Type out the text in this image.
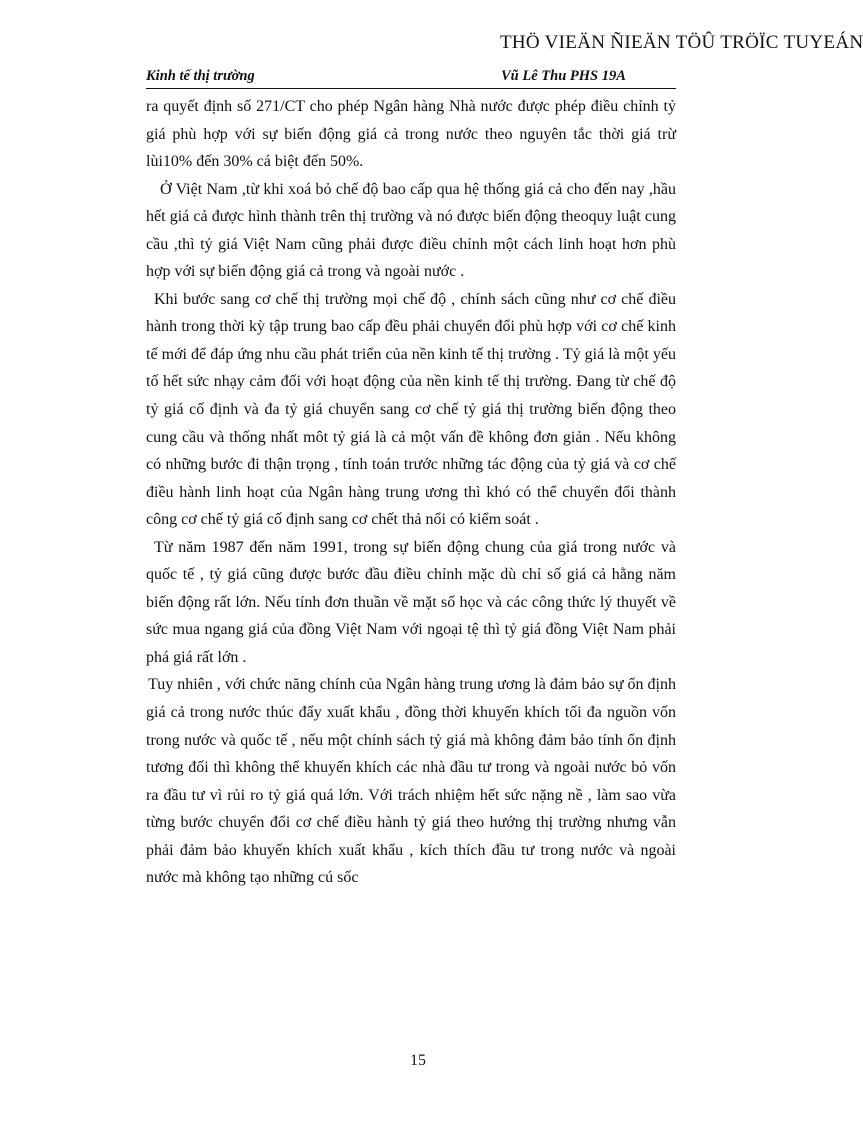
THÖ VIEÄN ÑIEÄN TÖÛ TRÖÏC TUYEÁN
Kinh tế thị trường	Vũ Lê Thu PHS 19A

ra quyết định số 271/CT cho phép Ngân hàng Nhà nước được phép điều chỉnh tỷ giá phù hợp với sự biến động giá cả trong nước theo nguyên tắc thời giá trừ lùi10% đến 30% cá biệt đến 50%.

Ở Việt Nam ,từ khi xoá bỏ chế độ bao cấp qua hệ thống giá cả cho đến nay ,hầu hết giá cả được hình thành trên thị trường và nó được biến động theoquy luật cung cầu ,thì tỷ giá Việt Nam cũng phải được điều chỉnh một cách linh hoạt hơn phù hợp với sự biến động giá cả trong và ngoài nước .

Khi bước sang cơ chế thị trường mọi chế độ , chính sách cũng như cơ chế điều hành trong thời kỳ tập trung bao cấp đều phải chuyển đổi phù hợp với cơ chế kinh tế mới để đáp ứng nhu cầu phát triển của nền kinh tế thị trường . Tỷ giá là một yếu tố hết sức nhạy cảm đối với hoạt động của nền kinh tế thị trường. Đang từ chế độ tỷ giá cố định và đa tỷ giá chuyển sang cơ chế tỷ giá thị trường biến động theo cung cầu và thống nhất môt tỷ giá là cả một vấn đề không đơn giản . Nếu không có những bước đi thận trọng , tính toán trước những tác động của tỷ giá và cơ chế điều hành linh hoạt của Ngân hàng trung ương thì khó có thể chuyển đổi thành công cơ chế tỷ giá cố định sang cơ chết thả nổi có kiểm soát .

Từ năm 1987 đến năm 1991, trong sự biến động chung của giá trong nước và quốc tế , tỷ giá cũng được bước đầu điều chỉnh mặc dù chỉ số giá cả hằng năm biến động rất lớn. Nếu tính đơn thuần về mặt số học và các công thức lý thuyết về sức mua ngang giá của đồng Việt Nam với ngoại tệ thì tỷ giá đồng Việt Nam phải phá giá rất lớn .

Tuy nhiên , với chức năng chính của Ngân hàng trung ương là đảm bảo sự ổn định giá cả trong nước thúc đẩy xuất khẩu , đồng thời khuyến khích tối đa nguồn vốn trong nước và quốc tế , nếu một chính sách tỷ giá mà không đảm bảo tính ổn định tương đối thì không thể khuyến khích các nhà đầu tư trong và ngoài nước bỏ vốn ra đầu tư vì rủi ro tỷ giá quá lớn. Với trách nhiệm hết sức nặng nề , làm sao vừa từng bước chuyển đổi cơ chế điều hành tỷ giá theo hướng thị trường nhưng vẫn phải đảm bảo khuyến khích xuất khẩu , kích thích đầu tư trong nước và ngoài nước mà không tạo những cú sốc

15
